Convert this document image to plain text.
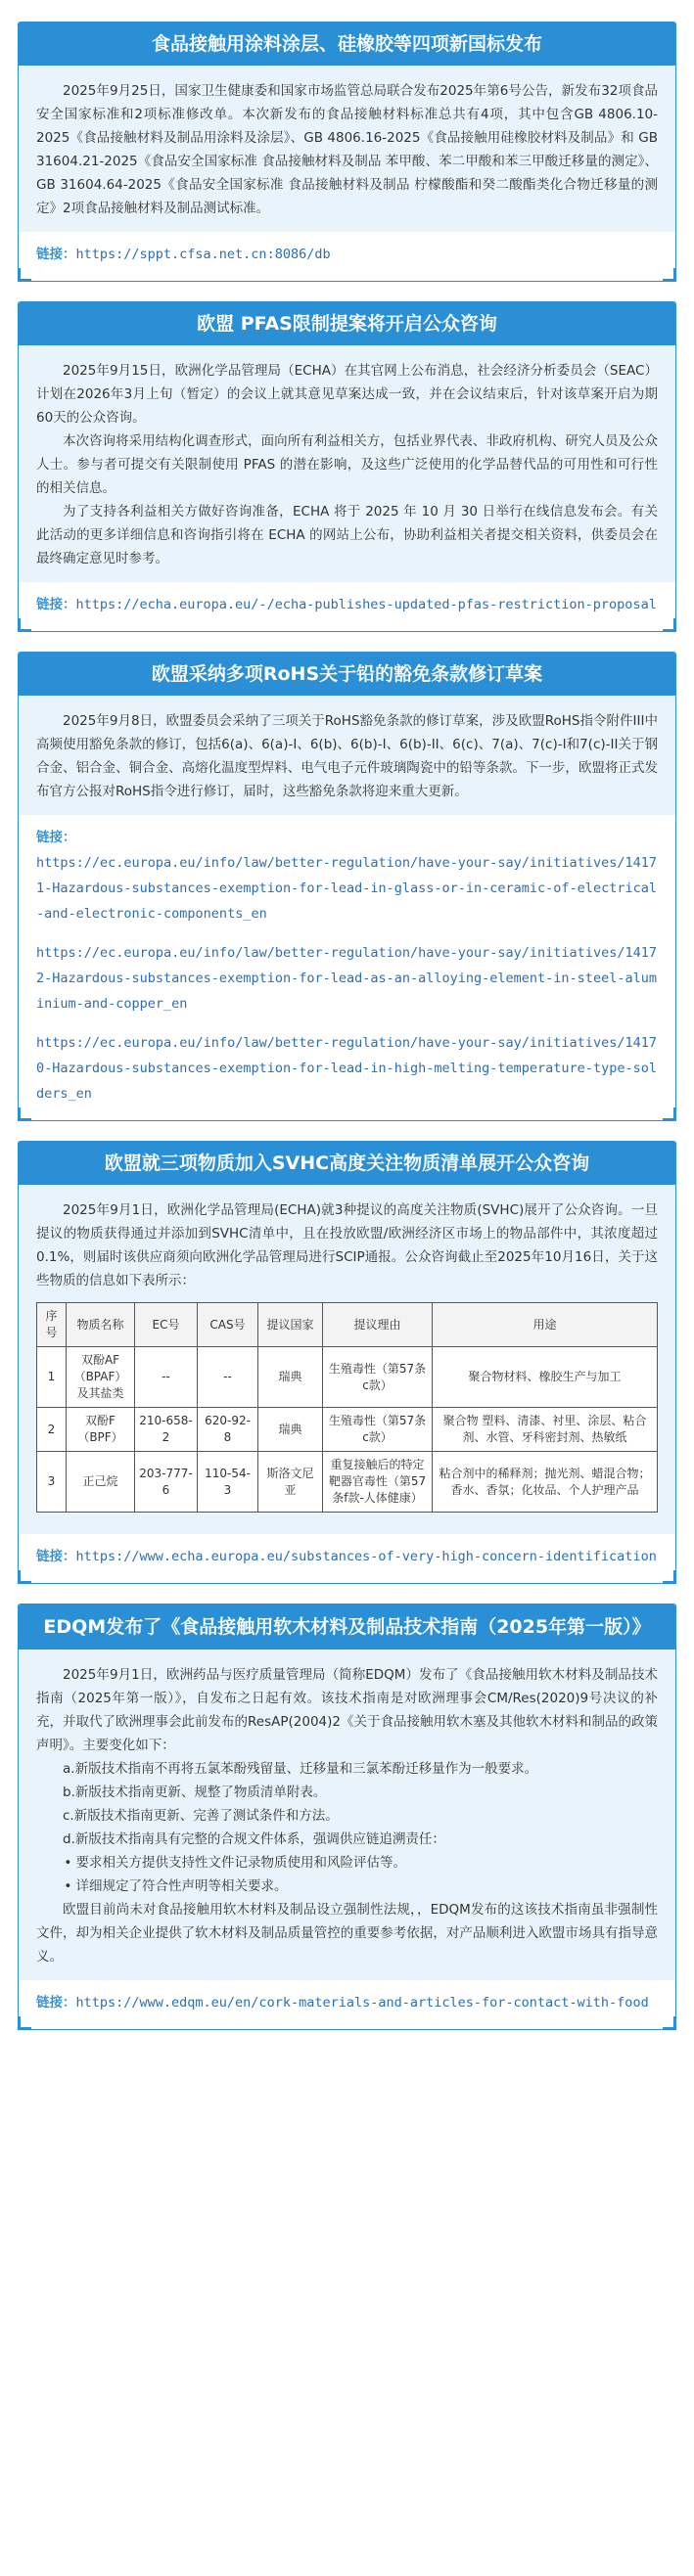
食品接触用涂料涂层、硅橡胶等四项新国标发布

2025年9月25日，国家卫生健康委和国家市场监管总局联合发布2025年第6号公告，新发布32项食品安全国家标准和2项标准修改单。本次新发布的食品接触材料标准总共有4项，其中包含GB 4806.10-2025《食品接触材料及制品用涂料及涂层》、GB 4806.16-2025《食品接触用硅橡胶材料及制品》和 GB 31604.21-2025《食品安全国家标准 食品接触材料及制品 苯甲酸、苯二甲酸和苯三甲酸迁移量的测定》、GB 31604.64-2025《食品安全国家标准 食品接触材料及制品 柠檬酸酯和癸二酸酯类化合物迁移量的测定》2项食品接触材料及制品测试标准。

链接：https://sppt.cfsa.net.cn:8086/db
欧盟 PFAS限制提案将开启公众咨询

2025年9月15日，欧洲化学品管理局（ECHA）在其官网上公布消息，社会经济分析委员会（SEAC）计划在2026年3月上旬（暂定）的会议上就其意见草案达成一致，并在会议结束后，针对该草案开启为期60天的公众咨询。

本次咨询将采用结构化调查形式，面向所有利益相关方，包括业界代表、非政府机构、研究人员及公众人士。参与者可提交有关限制使用 PFAS 的潜在影响，及这些广泛使用的化学品替代品的可用性和可行性的相关信息。

为了支持各利益相关方做好咨询准备，ECHA 将于 2025 年 10 月 30 日举行在线信息发布会。有关此活动的更多详细信息和咨询指引将在 ECHA 的网站上公布，协助利益相关者提交相关资料，供委员会在最终确定意见时参考。

链接：https://echa.europa.eu/-/echa-publishes-updated-pfas-restriction-proposal
欧盟采纳多项RoHS关于铅的豁免条款修订草案

2025年9月8日，欧盟委员会采纳了三项关于RoHS豁免条款的修订草案，涉及欧盟RoHS指令附件III中高频使用豁免条款的修订，包括6(a)、6(a)-I、6(b)、6(b)-I、6(b)-II、6(c)、7(a)、7(c)-I和7(c)-II关于钢合金、铝合金、铜合金、高熔化温度型焊料、电气电子元件玻璃陶瓷中的铅等条款。下一步，欧盟将正式发布官方公报对RoHS指令进行修订，届时，这些豁免条款将迎来重大更新。

链接：
https://ec.europa.eu/info/law/better-regulation/have-your-say/initiatives/14171-Hazardous-substances-exemption-for-lead-in-glass-or-in-ceramic-of-electrical-and-electronic-components_en
https://ec.europa.eu/info/law/better-regulation/have-your-say/initiatives/14172-Hazardous-substances-exemption-for-lead-as-an-alloying-element-in-steel-aluminium-and-copper_en
https://ec.europa.eu/info/law/better-regulation/have-your-say/initiatives/14170-Hazardous-substances-exemption-for-lead-in-high-melting-temperature-type-solders_en
欧盟就三项物质加入SVHC高度关注物质清单展开公众咨询

2025年9月1日，欧洲化学品管理局(ECHA)就3种提议的高度关注物质(SVHC)展开了公众咨询。一旦提议的物质获得通过并添加到SVHC清单中，且在投放欧盟/欧洲经济区市场上的物品部件中，其浓度超过0.1%，则届时该供应商须向欧洲化学品管理局进行SCIP通报。公众咨询截止至2025年10月16日，关于这些物质的信息如下表所示：

序号	物质名称	EC号	CAS号	提议国家	提议理由	用途
1	双酚AF（BPAF）及其盐类	--	--	瑞典	生殖毒性（第57条c款）	聚合物材料、橡胶生产与加工
2	双酚F（BPF）	210-658-2	620-92-8	瑞典	生殖毒性（第57条c款）	聚合物 塑料、清漆、衬里、涂层、粘合剂、水管、牙科密封剂、热敏纸
3	正己烷	203-777-6	110-54-3	斯洛文尼亚	重复接触后的特定靶器官毒性（第57条f款-人体健康）	粘合剂中的稀释剂；抛光剂、蜡混合物；香水、香氛；化妆品、个人护理产品
链接：https://www.echa.europa.eu/substances-of-very-high-concern-identification
EDQM发布了《食品接触用软木材料及制品技术指南（2025年第一版）》

2025年9月1日，欧洲药品与医疗质量管理局（简称EDQM）发布了《食品接触用软木材料及制品技术指南（2025年第一版）》，自发布之日起有效。该技术指南是对欧洲理事会CM/Res(2020)9号决议的补充，并取代了欧洲理事会此前发布的ResAP(2004)2《关于食品接触用软木塞及其他软木材料和制品的政策声明》。主要变化如下：

a.新版技术指南不再将五氯苯酚残留量、迁移量和三氯苯酚迁移量作为一般要求。
b.新版技术指南更新、规整了物质清单附表。
c.新版技术指南更新、完善了测试条件和方法。
d.新版技术指南具有完整的合规文件体系，强调供应链追溯责任：
• 要求相关方提供支持性文件记录物质使用和风险评估等。
• 详细规定了符合性声明等相关要求。

欧盟目前尚未对食品接触用软木材料及制品设立强制性法规，，EDQM发布的这该技术指南虽非强制性文件，却为相关企业提供了软木材料及制品质量管控的重要参考依据，对产品顺利进入欧盟市场具有指导意义。

链接：https://www.edqm.eu/en/cork-materials-and-articles-for-contact-with-food
